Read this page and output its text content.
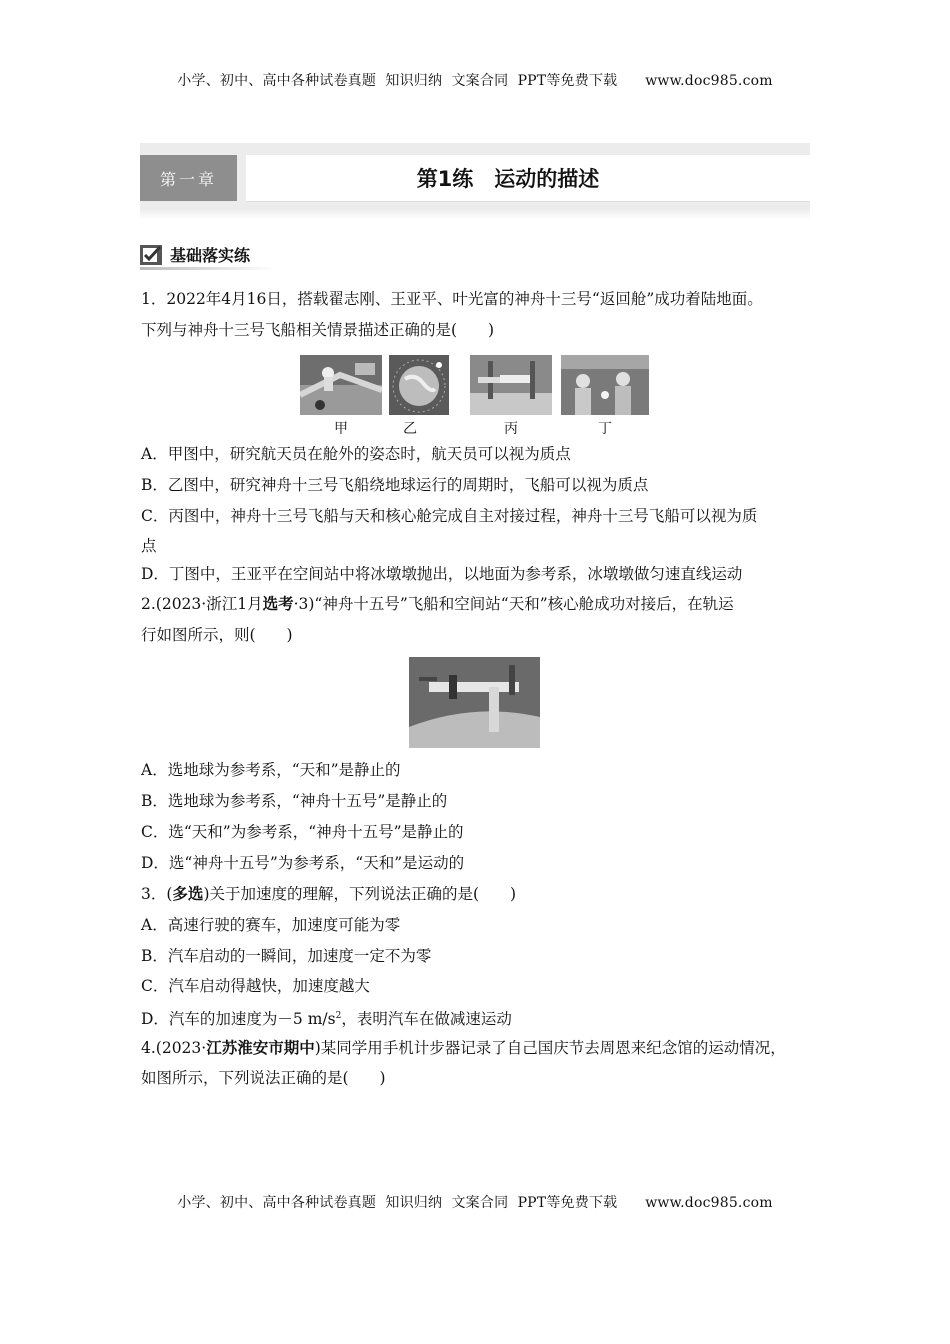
小学、初中、高中各种试卷真题  知识归纳  文案合同  PPT等免费下载      www.doc985.com
第一章	第1练　运动的描述
基础落实练
1．2022年4月16日，搭载翟志刚、王亚平、叶光富的神舟十三号“返回舱”成功着陆地面。
下列与神舟十三号飞船相关情景描述正确的是(　　)
甲	乙	丙	丁
A．甲图中，研究航天员在舱外的姿态时，航天员可以视为质点
B．乙图中，研究神舟十三号飞船绕地球运行的周期时，飞船可以视为质点
C．丙图中，神舟十三号飞船与天和核心舱完成自主对接过程，神舟十三号飞船可以视为质
点
D．丁图中，王亚平在空间站中将冰墩墩抛出，以地面为参考系，冰墩墩做匀速直线运动
2.(2023·浙江1月选考·3)“神舟十五号”飞船和空间站“天和”核心舱成功对接后，在轨运
行如图所示，则(　　)
A．选地球为参考系，“天和”是静止的
B．选地球为参考系，“神舟十五号”是静止的
C．选“天和”为参考系，“神舟十五号”是静止的
D．选“神舟十五号”为参考系，“天和”是运动的
3．(多选)关于加速度的理解，下列说法正确的是(　　)
A．高速行驶的赛车，加速度可能为零
B．汽车启动的一瞬间，加速度一定不为零
C．汽车启动得越快，加速度越大
D．汽车的加速度为－5 $m/s^2$，表明汽车在做减速运动
4.(2023·江苏淮安市期中)某同学用手机计步器记录了自己国庆节去周恩来纪念馆的运动情况，
如图所示，下列说法正确的是(　　)
小学、初中、高中各种试卷真题  知识归纳  文案合同  PPT等免费下载      www.doc985.com
